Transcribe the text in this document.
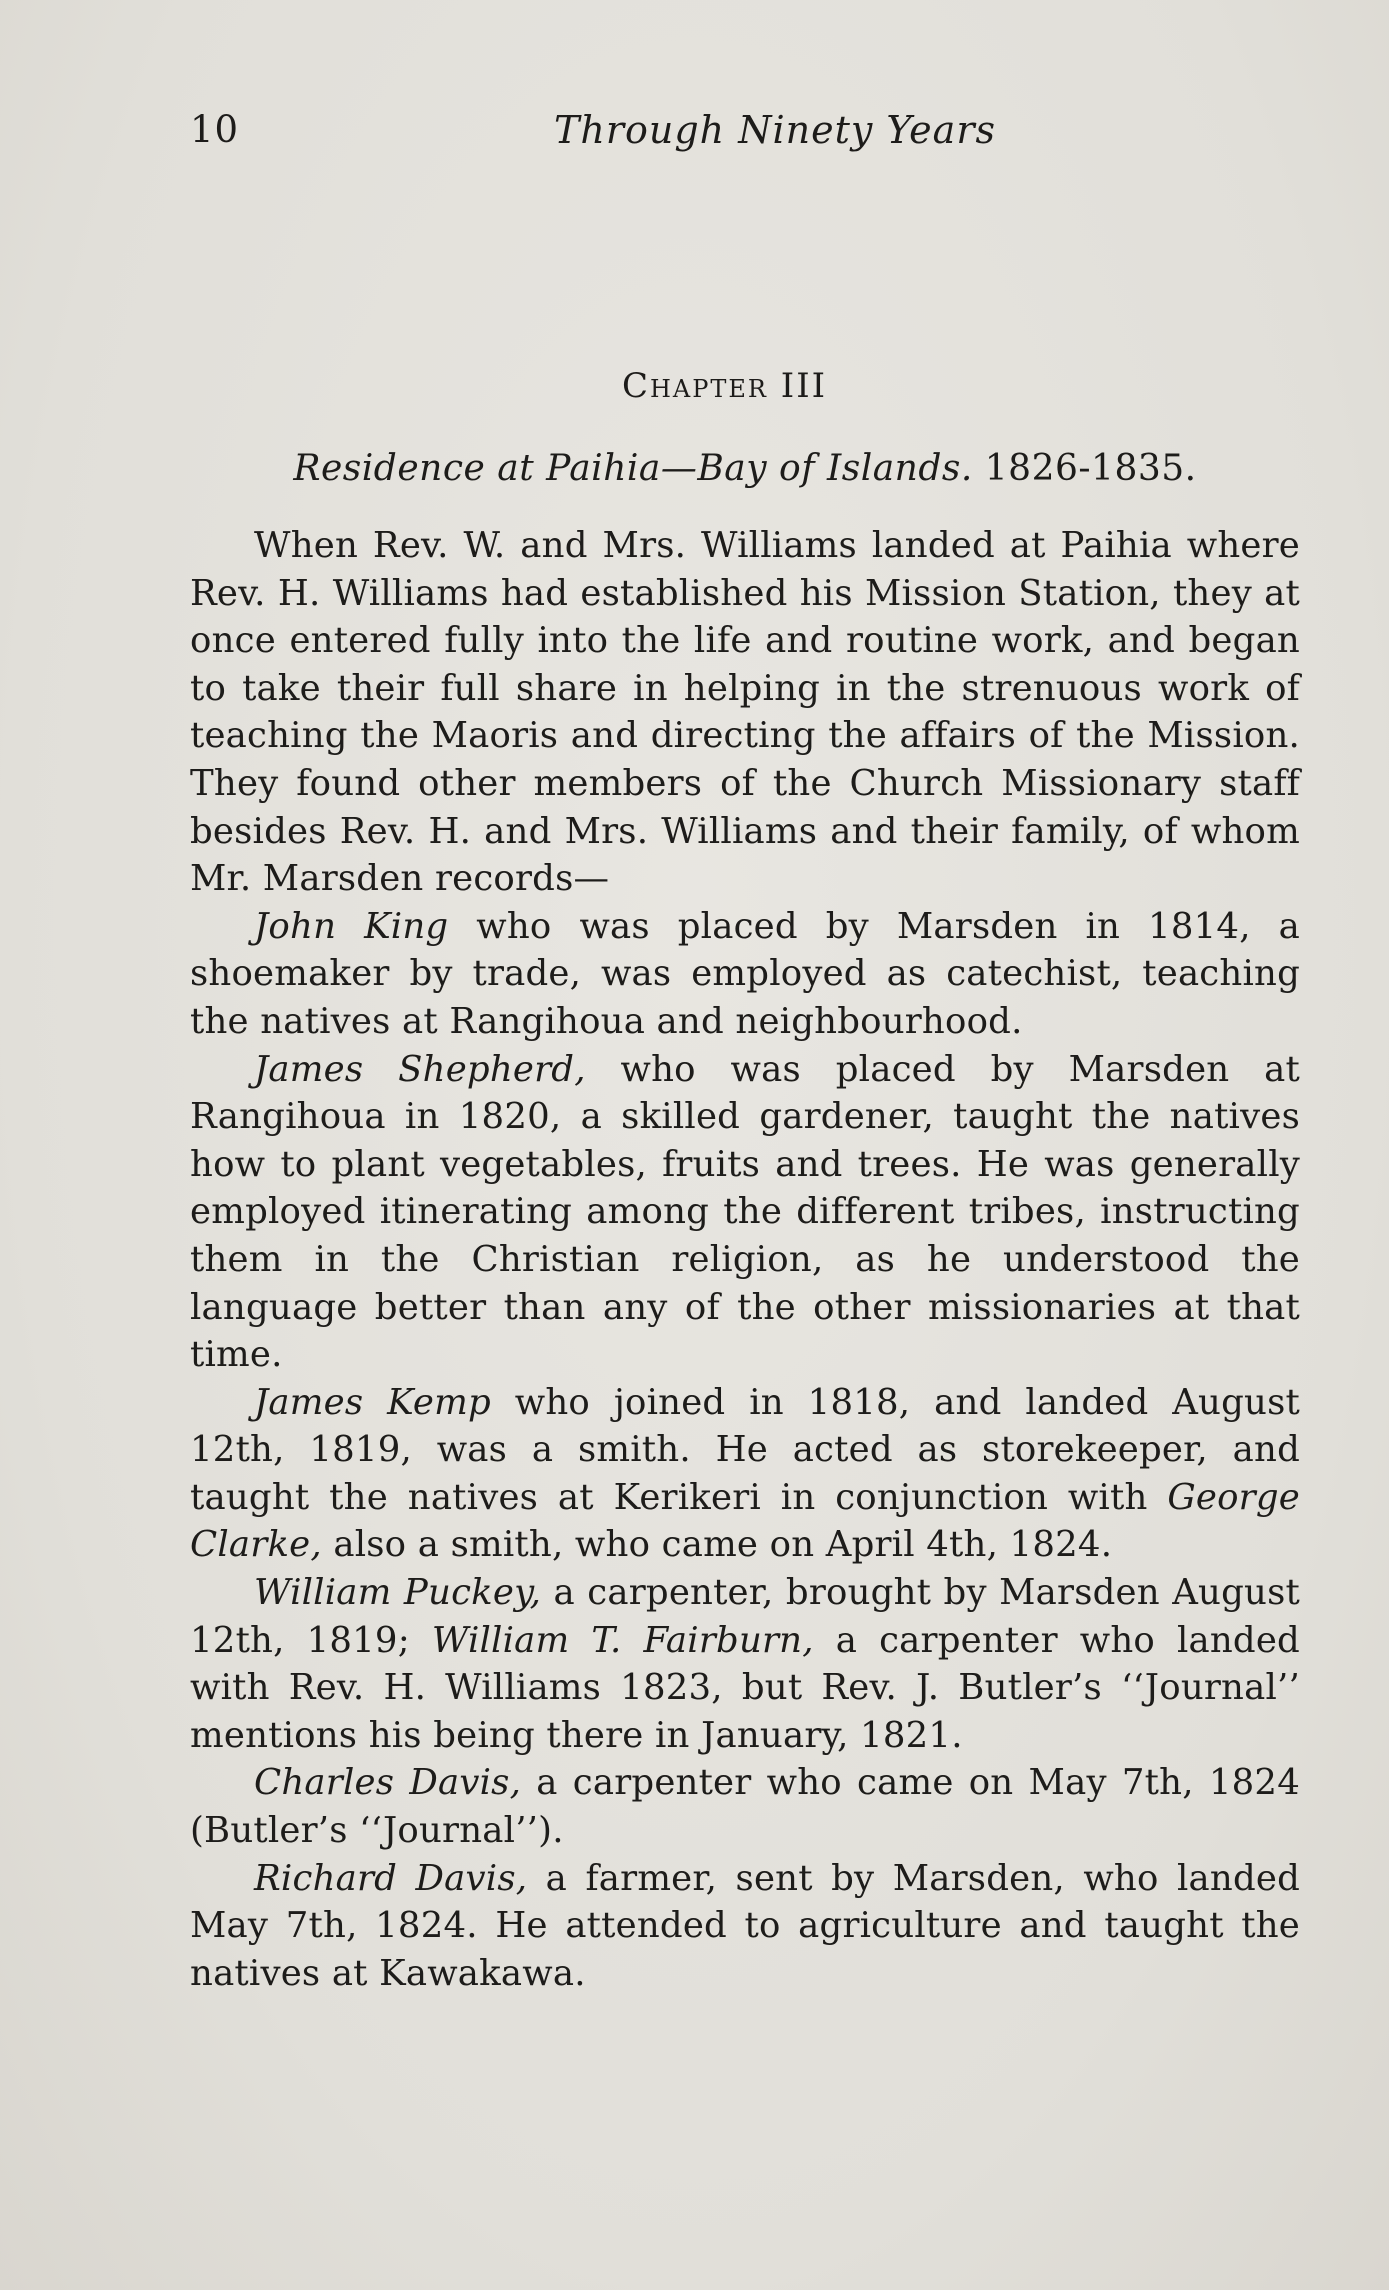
10	Through Ninety Years
Chapter III
Residence at Paihia—Bay of Islands. 1826-1835.

When Rev. W. and Mrs. Williams landed at Paihia where Rev. H. Williams had established his Mission Station, they at once entered fully into the life and routine work, and began to take their full share in helping in the strenuous work of teaching the Maoris and directing the affairs of the Mission. They found other members of the Church Missionary staff besides Rev. H. and Mrs. Williams and their family, of whom Mr. Marsden records—

John King who was placed by Marsden in 1814, a shoemaker by trade, was employed as catechist, teaching the natives at Rangihoua and neighbourhood.

James Shepherd, who was placed by Marsden at Rangihoua in 1820, a skilled gardener, taught the natives how to plant vegetables, fruits and trees. He was generally employed itinerating among the different tribes, instructing them in the Christian religion, as he understood the language better than any of the other missionaries at that time.

James Kemp who joined in 1818, and landed August 12th, 1819, was a smith. He acted as storekeeper, and taught the natives at Kerikeri in conjunction with George Clarke, also a smith, who came on April 4th, 1824.

William Puckey, a carpenter, brought by Marsden August 12th, 1819; William T. Fairburn, a carpenter who landed with Rev. H. Williams 1823, but Rev. J. Butler’s ‘‘Journal’’ mentions his being there in January, 1821.

Charles Davis, a carpenter who came on May 7th, 1824 (Butler’s ‘‘Journal’’).

Richard Davis, a farmer, sent by Marsden, who landed May 7th, 1824. He attended to agriculture and taught the natives at Kawakawa.
